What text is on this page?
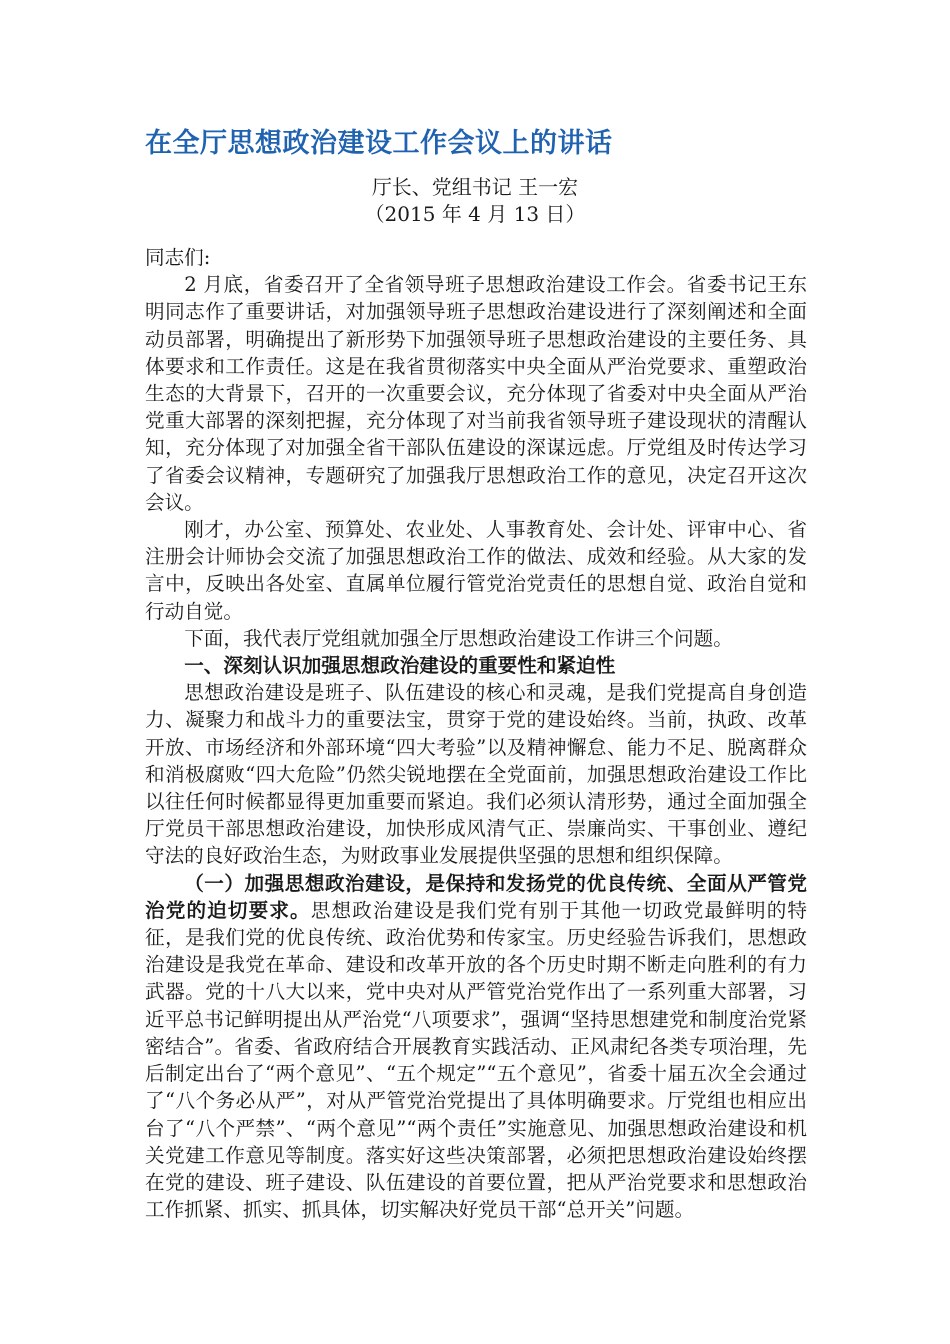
在全厅思想政治建设工作会议上的讲话
厅长、党组书记 王一宏
（2015 年 4 月 13 日）

同志们:

2 月底，省委召开了全省领导班子思想政治建设工作会。省委书记王东明同志作了重要讲话，对加强领导班子思想政治建设进行了深刻阐述和全面动员部署，明确提出了新形势下加强领导班子思想政治建设的主要任务、具体要求和工作责任。这是在我省贯彻落实中央全面从严治党要求、重塑政治生态的大背景下，召开的一次重要会议，充分体现了省委对中央全面从严治党重大部署的深刻把握，充分体现了对当前我省领导班子建设现状的清醒认知，充分体现了对加强全省干部队伍建设的深谋远虑。厅党组及时传达学习了省委会议精神，专题研究了加强我厅思想政治工作的意见，决定召开这次会议。

刚才，办公室、预算处、农业处、人事教育处、会计处、评审中心、省注册会计师协会交流了加强思想政治工作的做法、成效和经验。从大家的发言中，反映出各处室、直属单位履行管党治党责任的思想自觉、政治自觉和行动自觉。

下面，我代表厅党组就加强全厅思想政治建设工作讲三个问题。

一、深刻认识加强思想政治建设的重要性和紧迫性

思想政治建设是班子、队伍建设的核心和灵魂，是我们党提高自身创造力、凝聚力和战斗力的重要法宝，贯穿于党的建设始终。当前，执政、改革开放、市场经济和外部环境“四大考验”以及精神懈怠、能力不足、脱离群众和消极腐败“四大危险”仍然尖锐地摆在全党面前，加强思想政治建设工作比以往任何时候都显得更加重要而紧迫。我们必须认清形势，通过全面加强全厅党员干部思想政治建设，加快形成风清气正、崇廉尚实、干事创业、遵纪守法的良好政治生态，为财政事业发展提供坚强的思想和组织保障。

（一）加强思想政治建设，是保持和发扬党的优良传统、全面从严管党治党的迫切要求。思想政治建设是我们党有别于其他一切政党最鲜明的特征，是我们党的优良传统、政治优势和传家宝。历史经验告诉我们，思想政治建设是我党在革命、建设和改革开放的各个历史时期不断走向胜利的有力武器。党的十八大以来，党中央对从严管党治党作出了一系列重大部署，习近平总书记鲜明提出从严治党“八项要求”，强调“坚持思想建党和制度治党紧密结合”。省委、省政府结合开展教育实践活动、正风肃纪各类专项治理，先后制定出台了“两个意见”、“五个规定”“五个意见”，省委十届五次全会通过了“八个务必从严”，对从严管党治党提出了具体明确要求。厅党组也相应出台了“八个严禁”、“两个意见”“两个责任”实施意见、加强思想政治建设和机关党建工作意见等制度。落实好这些决策部署，必须把思想政治建设始终摆在党的建设、班子建设、队伍建设的首要位置，把从严治党要求和思想政治工作抓紧、抓实、抓具体，切实解决好党员干部“总开关”问题。
